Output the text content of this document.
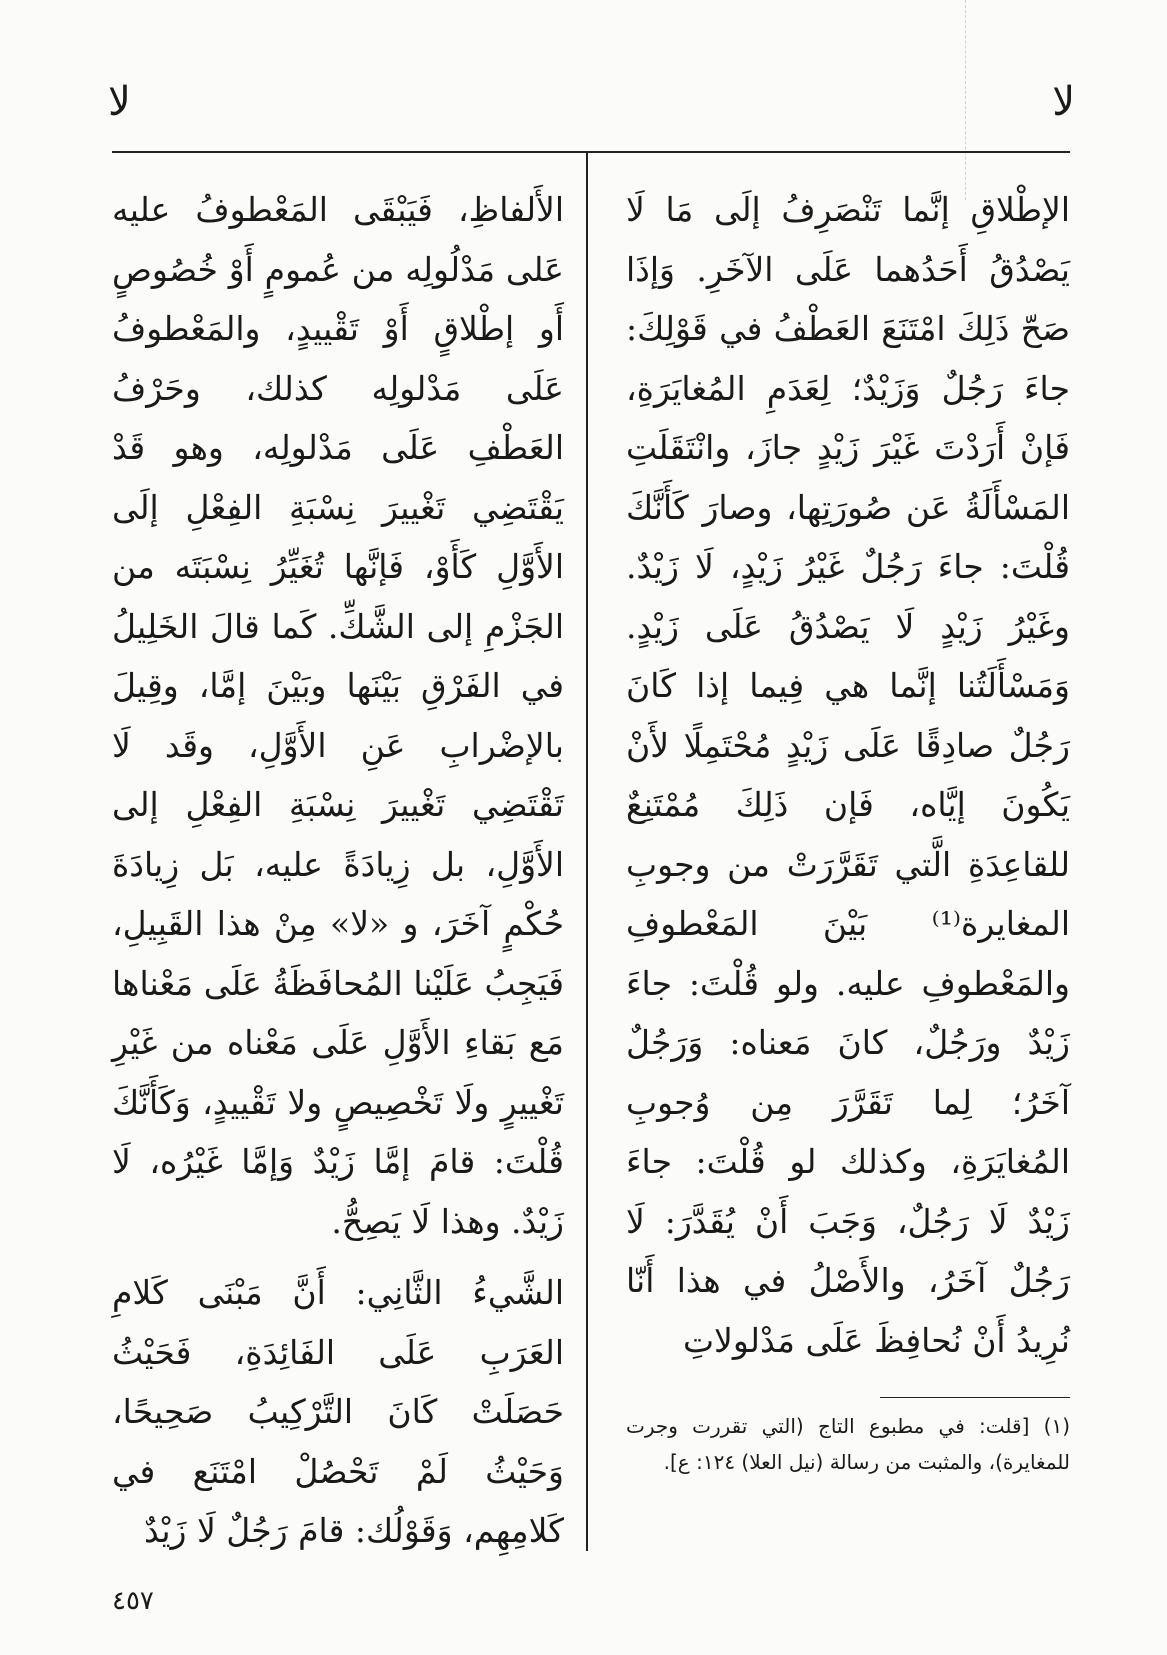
لا
لا

الإطْلاقِ إنَّما تَنْصَرِفُ إلَى مَا لَا يَصْدُقُ أَحَدُهما عَلَى الآخَرِ. وَإذَا صَحّ ذَلِكَ امْتَنَعَ العَطْفُ في قَوْلِكَ: جاءَ رَجُلٌ وَزَيْدٌ؛ لِعَدَمِ المُغايَرَةِ، فَإنْ أَرَدْتَ غَيْرَ زَيْدٍ جازَ، وانْتَقَلَتِ المَسْأَلَةُ عَن صُورَتِها، وصارَ كَأَنَّكَ قُلْتَ: جاءَ رَجُلٌ غَيْرُ زَيْدٍ، لَا زَيْدٌ. وغَيْرُ زَيْدٍ لَا يَصْدُقُ عَلَى زَيْدٍ. وَمَسْأَلَتُنا إنَّما هي فِيما إذا كَانَ رَجُلٌ صادِقًا عَلَى زَيْدٍ مُحْتَمِلًا لأَنْ يَكُونَ إيَّاه، فَإن ذَلِكَ مُمْتَنِعٌ للقاعِدَةِ الَّتي تَقَرَّرَتْ من وجوبِ المغايرة⁽¹⁾ بَيْنَ المَعْطوفِ والمَعْطوفِ عليه. ولو قُلْتَ: جاءَ زَيْدٌ ورَجُلٌ، كانَ مَعناه: وَرَجُلٌ آخَرُ؛ لِما تَقَرَّرَ مِن وُجوبِ المُغايَرَةِ، وكذلك لو قُلْتَ: جاءَ زَيْدٌ لَا رَجُلٌ، وَجَبَ أَنْ يُقَدَّرَ: لَا رَجُلٌ آخَرُ، والأَصْلُ في هذا أَنّا نُرِيدُ أَنْ نُحافِظَ عَلَى مَدْلولاتِ

الأَلفاظِ، فَيَبْقَى المَعْطوفُ عليه عَلى مَدْلُولِه من عُمومٍ أَوْ خُصُوصٍ أَو إطْلاقٍ أَوْ تَقْييدٍ، والمَعْطوفُ عَلَى مَدْلولِه كذلك، وحَرْفُ العَطْفِ عَلَى مَدْلولِه، وهو قَدْ يَقْتَضِي تَغْييرَ نِسْبَةِ الفِعْلِ إلَى الأَوَّلِ كَأَوْ، فَإنَّها تُغَيِّرُ نِسْبَتَه من الجَزْمِ إلى الشَّكِّ. كَما قالَ الخَلِيلُ في الفَرْقِ بَيْنَها وبَيْنَ إمَّا، وقِيلَ بالإضْرابِ عَنِ الأَوَّلِ، وقَد لَا تَقْتَضِي تَغْييرَ نِسْبَةِ الفِعْلِ إلى الأَوَّلِ، بل زِيادَةً عليه، بَل زِيادَةَ حُكْمٍ آخَرَ، و «لا» مِنْ هذا القَبِيلِ، فَيَجِبُ عَلَيْنا المُحافَظَةُ عَلَى مَعْناها مَع بَقاءِ الأَوَّلِ عَلَى مَعْناه من غَيْرِ تَغْييرٍ ولَا تَخْصِيصٍ ولا تَقْييدٍ، وَكَأَنَّكَ قُلْتَ: قامَ إمَّا زَيْدٌ وَإمَّا غَيْرُه، لَا زَيْدٌ. وهذا لَا يَصِحُّ.

الشَّيءُ الثَّانِي: أَنَّ مَبْنَى كَلامِ العَرَبِ عَلَى الفَائِدَةِ، فَحَيْثُ حَصَلَتْ كَانَ التَّرْكِيبُ صَحِيحًا، وَحَيْثُ لَمْ تَحْصُلْ امْتَنَع في كَلامِهِم، وَقَوْلُك: قامَ رَجُلٌ لَا زَيْدٌ

(١) [قلت: في مطبوع التاج (التي تقررت وجرت للمغايرة)، والمثبت من رسالة (نيل العلا) ١٢٤: ع].
٤٥٧
